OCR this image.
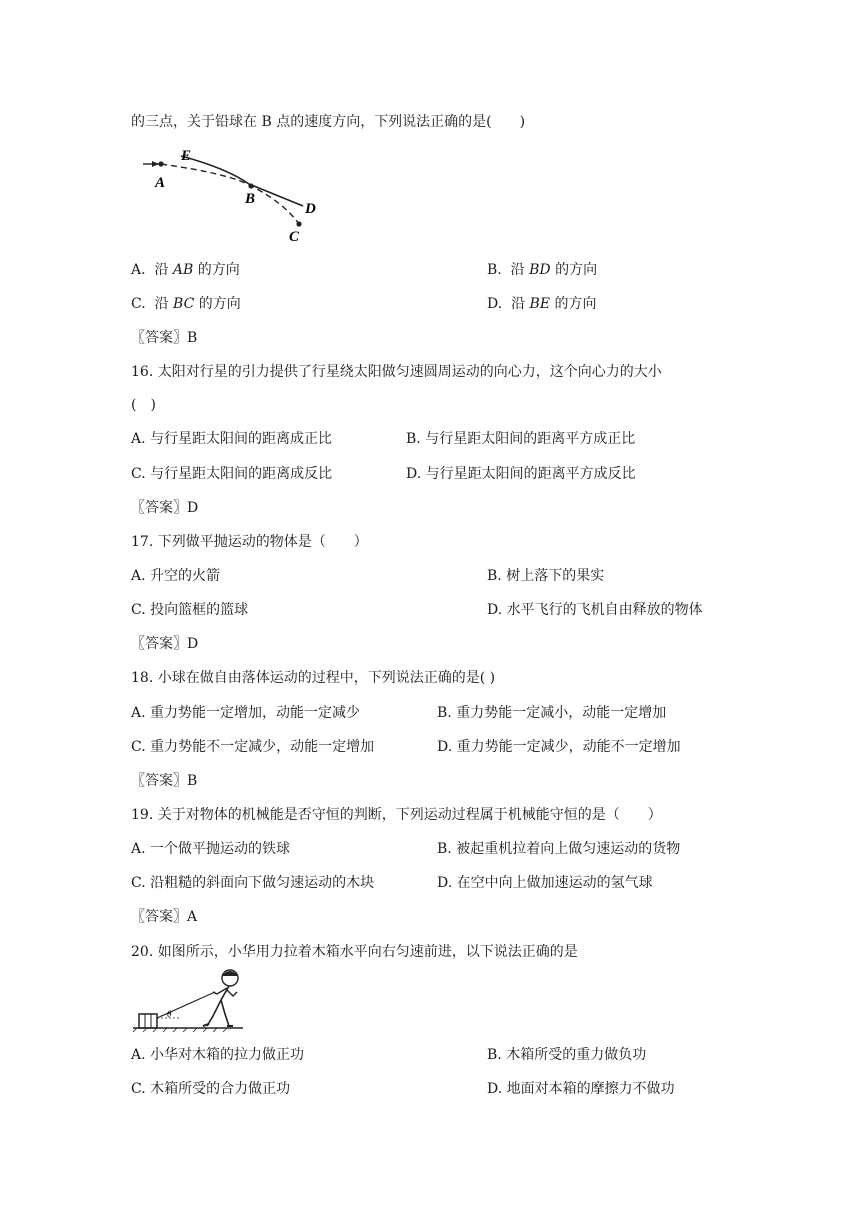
的三点，关于铅球在 B 点的速度方向，下列说法正确的是(　　)
E
A
B
D
C
A. 沿 AB 的方向	B. 沿 BD 的方向
C. 沿 BC 的方向	D. 沿 BE 的方向
〖答案〗B
16. 太阳对行星的引力提供了行星绕太阳做匀速圆周运动的向心力，这个向心力的大小
(　)
A. 与行星距太阳间的距离成正比	B. 与行星距太阳间的距离平方成正比
C. 与行星距太阳间的距离成反比	D. 与行星距太阳间的距离平方成反比
〖答案〗D
17. 下列做平抛运动的物体是（　　）
A. 升空的火箭	B. 树上落下的果实
C. 投向篮框的篮球	D. 水平飞行的飞机自由释放的物体
〖答案〗D
18. 小球在做自由落体运动的过程中，下列说法正确的是( )
A. 重力势能一定增加，动能一定减少	B. 重力势能一定减小，动能一定增加
C. 重力势能不一定减少，动能一定增加	D. 重力势能一定减少，动能不一定增加
〖答案〗B
19. 关于对物体的机械能是否守恒的判断，下列运动过程属于机械能守恒的是（　　）
A. 一个做平抛运动的铁球	B. 被起重机拉着向上做匀速运动的货物
C. 沿粗糙的斜面向下做匀速运动的木块	D. 在空中向上做加速运动的氢气球
〖答案〗A
20. 如图所示，小华用力拉着木箱水平向右匀速前进，以下说法正确的是
θ
A. 小华对木箱的拉力做正功	B. 木箱所受的重力做负功
C. 木箱所受的合力做正功	D. 地面对本箱的摩擦力不做功
